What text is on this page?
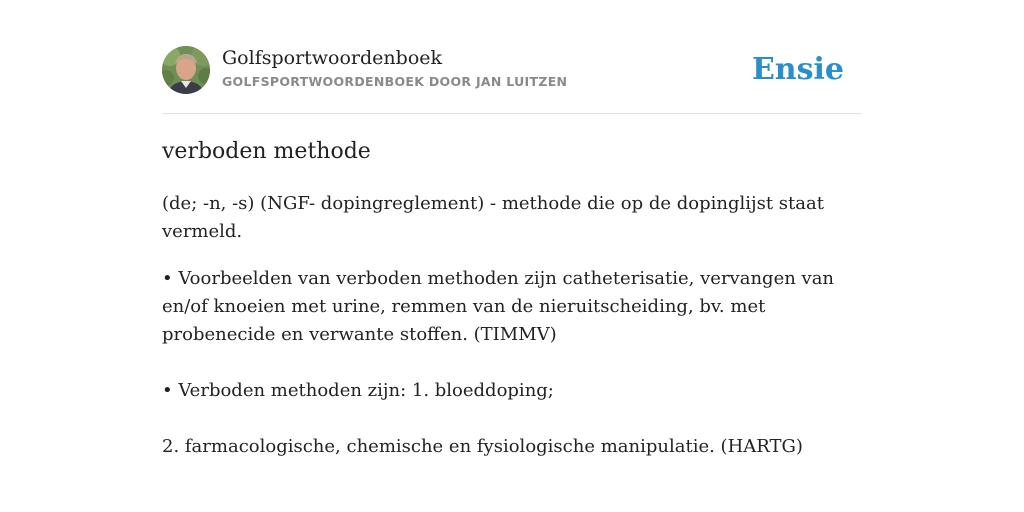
Golfsportwoordenboek
GOLFSPORTWOORDENBOEK DOOR JAN LUITZEN	Ensie
verboden methode

(de; -n, -s) (NGF- dopingreglement) - methode die op de dopinglijst staat vermeld.

• Voorbeelden van verboden methoden zijn catheterisatie, vervangen van en/of knoeien met urine, remmen van de nieruitscheiding, bv. met probenecide en verwante stoffen. (TIMMV)

• Verboden methoden zijn: 1. bloeddoping;

2. farmacologische, chemische en fysiologische manipulatie. (HARTG)
